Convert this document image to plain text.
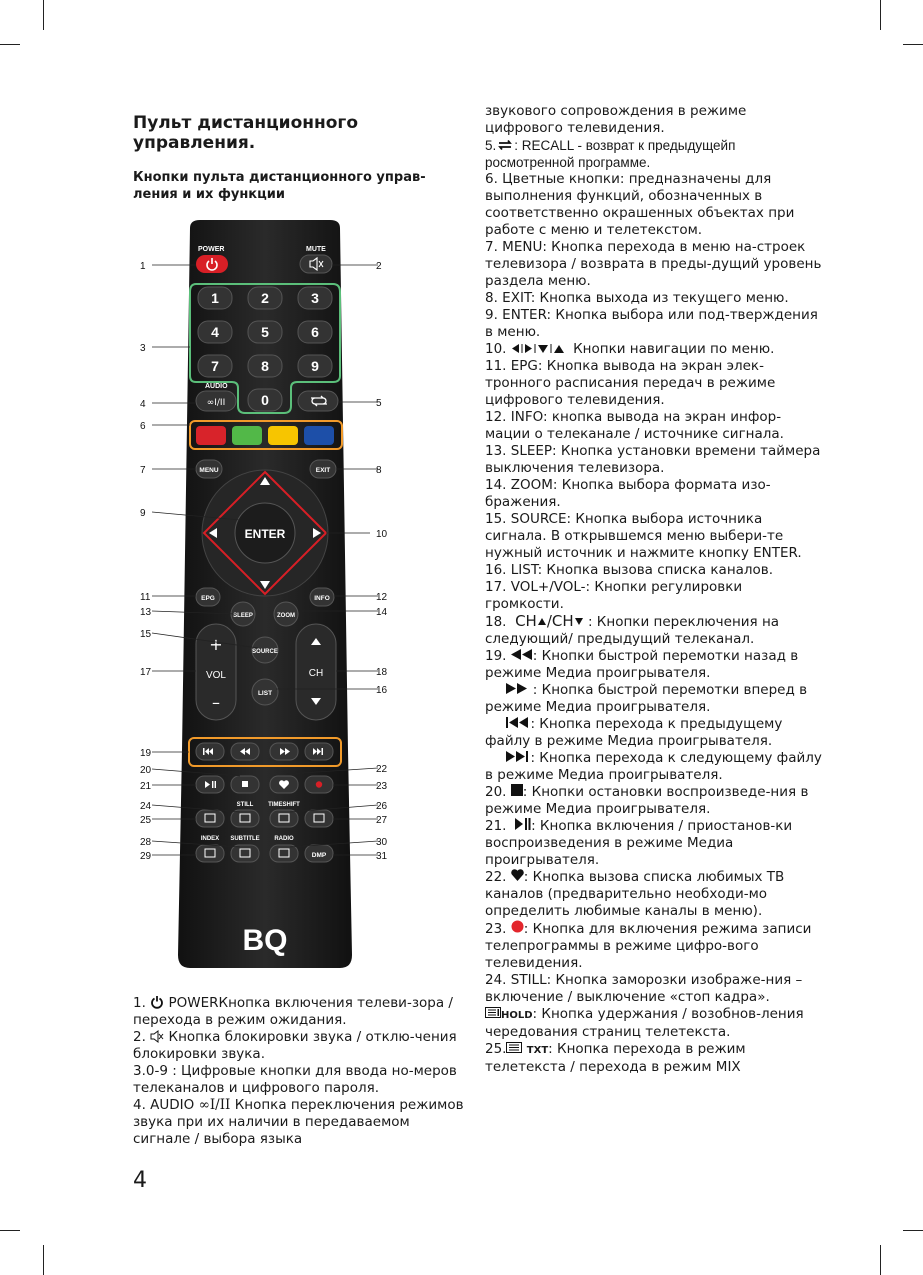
Пульт дистанционного управления.
Кнопки пульта дистанционного управ-ления и их функции
POWER	MUTE
1	2	3
4	5	6
7	8	9
0
AUDIO
∞I/II
MENU	EXIT
ENTER
EPG	INFO
SLEEP	ZOOM
+
VOL
–
SOURCE
LIST
CH
STILL TIMESHIFT
INDEX SUBTITLE RADIO
DMP
BQ
1
3
4
6
7
9
11
13
15
17
19
20
21
24
25
28
29
2
5
8
10
12
14
18
16
22
23
26
27
30
31

1. POWERКнопка включения телеви-зора / перехода в режим ожидания.

2. Кнопка блокировки звука / отклю-чения блокировки звука.

3.0-9 : Цифровые кнопки для ввода но-меров телеканалов и цифрового пароля.

4. AUDIO ∞I/II Кнопка переключения режимов звука при их наличии в передаваемом сигнале / выбора языка

4

звукового сопровождения в режиме цифрового телевидения.

5. : RECALL - возврат к предыдущейп росмотренной программе.

6. Цветные кнопки: предназначены для выполнения функций, обозначенных в соответственно окрашенных объектах при работе с меню и телетекстом.

7. MENU: Кнопка перехода в меню на-строек телевизора / возврата в преды-дущий уровень раздела меню.

8. EXIT: Кнопка выхода из текущего меню.

9. ENTER: Кнопка выбора или под-тверждения в меню.

10.	Кнопки навигации по меню.

11. EPG: Кнопка вывода на экран элек-тронного расписания передач в режиме цифрового телевидения.

12. INFO: кнопка вывода на экран инфор-мации о телеканале / источнике сигнала.

13. SLEEP: Кнопка установки времени таймера выключения телевизора.

14. ZOOM: Кнопка выбора формата изо-бражения.

15. SOURCE: Кнопка выбора источника сигнала. В открывшемся меню выбери-те нужный источник и нажмите кнопку ENTER.

16. LIST: Кнопка вызова списка каналов.

17. VOL+/VOL-: Кнопки регулировки громкости.

18. CH /CH : Кнопки переключения на следующий/ предыдущий телеканал.

19. : Кнопки быстрой перемотки назад в режиме Медиа проигрывателя.

: Кнопка быстрой перемотки вперед в режиме Медиа проигрывателя.

: Кнопка перехода к предыдущему файлу в режиме Медиа проигрывателя.

: Кнопка перехода к следующему файлу в режиме Медиа проигрывателя.

20. : Кнопки остановки воспроизведе-ния в режиме Медиа проигрывателя.

21. : Кнопка включения / приостанов-ки воспроизведения в режиме Медиа проигрывателя.

22. : Кнопка вызова списка любимых ТВ каналов (предварительно необходи-мо определить любимые каналы в меню).

23. : Кнопка для включения режима записи телепрограммы в режиме цифро-вого телевидения.

24. STILL: Кнопка заморозки изображе-ния – включение / выключение «стоп кадра».

HOLD: Кнопка удержания / возобнов-ления чередования страниц телетекста.

25. TXT: Кнопка перехода в режим телетекста / перехода в режим MIX
